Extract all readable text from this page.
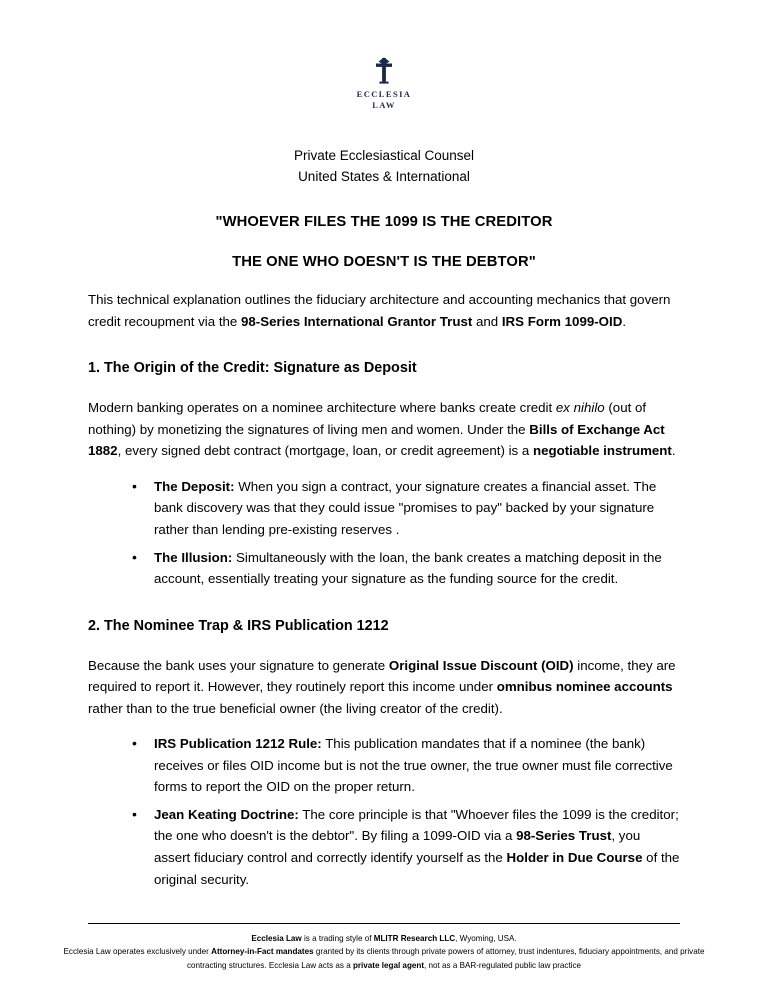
ECCLESIA
LAW
Private Ecclesiastical Counsel
United States & International
"WHOEVER FILES THE 1099 IS THE CREDITOR
THE ONE WHO DOESN'T IS THE DEBTOR"

This technical explanation outlines the fiduciary architecture and accounting mechanics that govern credit recoupment via the 98-Series International Grantor Trust and IRS Form 1099-OID.

1. The Origin of the Credit: Signature as Deposit

Modern banking operates on a nominee architecture where banks create credit ex nihilo (out of nothing) by monetizing the signatures of living men and women. Under the Bills of Exchange Act 1882, every signed debt contract (mortgage, loan, or credit agreement) is a negotiable instrument.

• The Deposit: When you sign a contract, your signature creates a financial asset. The bank discovery was that they could issue "promises to pay" backed by your signature rather than lending pre-existing reserves .
• The Illusion: Simultaneously with the loan, the bank creates a matching deposit in the account, essentially treating your signature as the funding source for the credit.
2. The Nominee Trap & IRS Publication 1212

Because the bank uses your signature to generate Original Issue Discount (OID) income, they are required to report it. However, they routinely report this income under omnibus nominee accounts rather than to the true beneficial owner (the living creator of the credit).

• IRS Publication 1212 Rule: This publication mandates that if a nominee (the bank) receives or files OID income but is not the true owner, the true owner must file corrective forms to report the OID on the proper return.
• Jean Keating Doctrine: The core principle is that "Whoever files the 1099 is the creditor; the one who doesn't is the debtor". By filing a 1099-OID via a 98-Series Trust, you assert fiduciary control and correctly identify yourself as the Holder in Due Course of the original security.
Ecclesia Law is a trading style of MLITR Research LLC, Wyoming, USA.
Ecclesia Law operates exclusively under Attorney-in-Fact mandates granted by its clients through private powers of attorney, trust indentures, fiduciary appointments, and private
contracting structures. Ecclesia Law acts as a private legal agent, not as a BAR-regulated public law practice
